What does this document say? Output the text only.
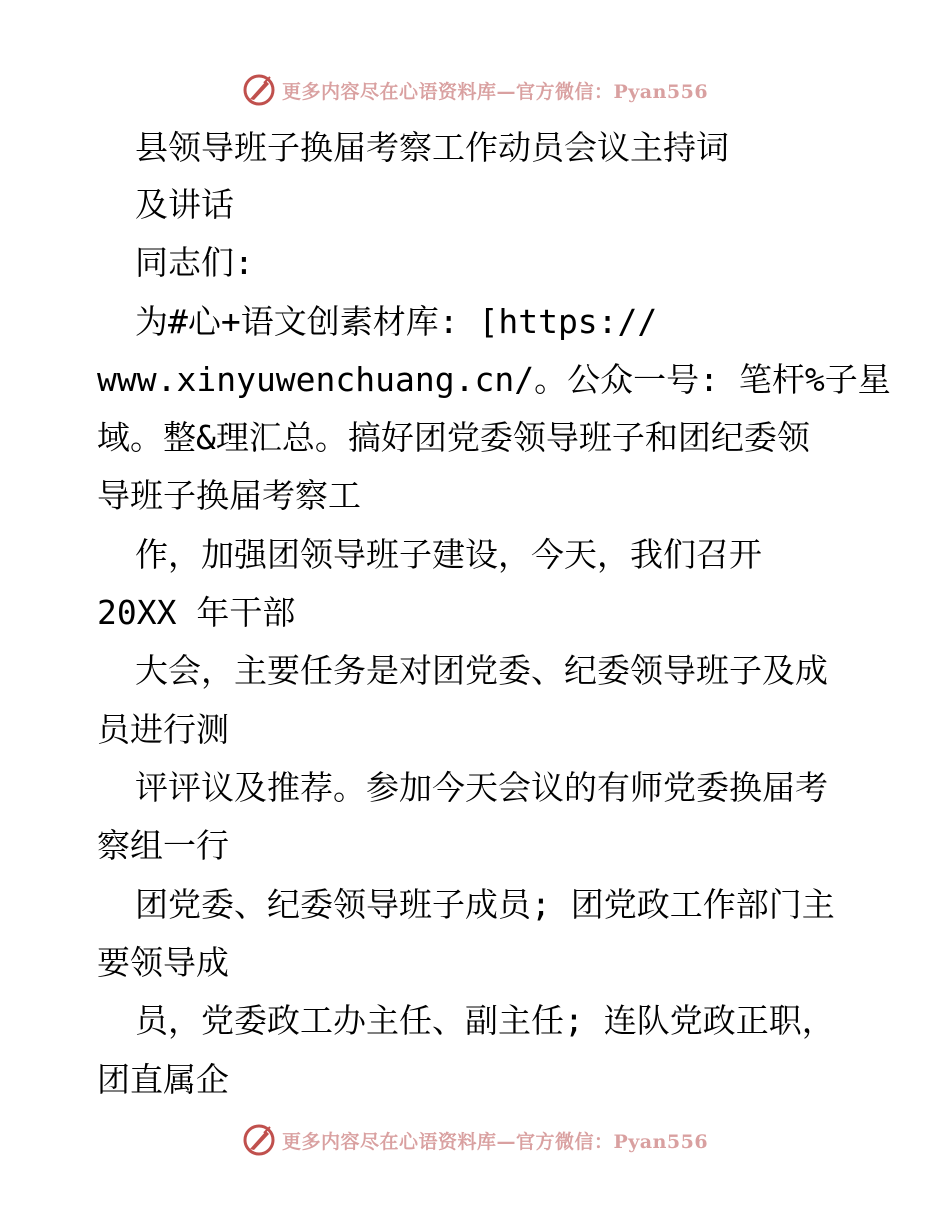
更多内容尽在心语资料库—官方微信：Pyan556
县领导班子换届考察工作动员会议主持词
及讲话
同志们:
为#心+语文创素材库: [https://
www.xinyuwenchuang.cn/。公众一号: 笔杆%子星
域。整&理汇总。搞好团党委领导班子和团纪委领
导班子换届考察工
作，加强团领导班子建设，今天，我们召开
20XX 年干部
大会，主要任务是对团党委、纪委领导班子及成
员进行测
评评议及推荐。参加今天会议的有师党委换届考
察组一行
团党委、纪委领导班子成员; 团党政工作部门主
要领导成
员，党委政工办主任、副主任; 连队党政正职，
团直属企
更多内容尽在心语资料库—官方微信：Pyan556
